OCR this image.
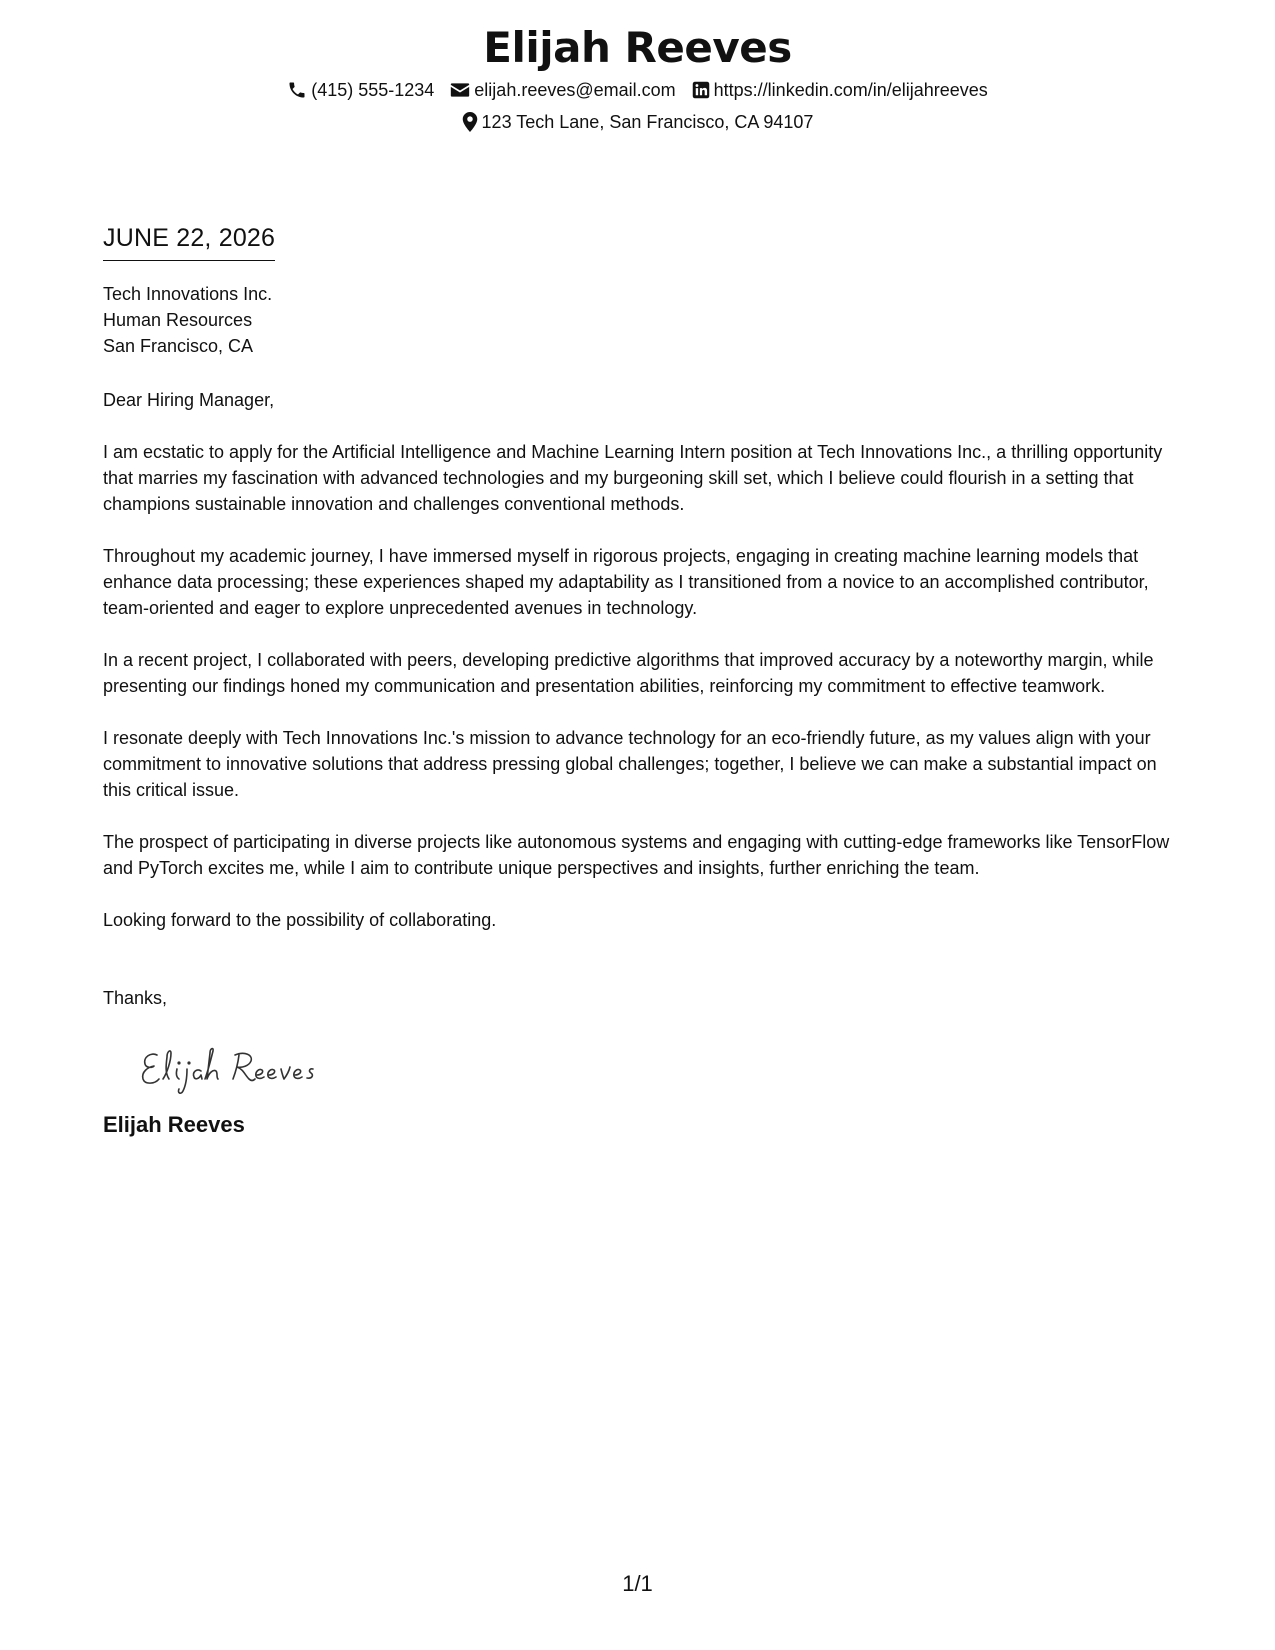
Elijah Reeves
(415) 555-1234 elijah.reeves@email.com https://linkedin.com/in/elijahreeves
123 Tech Lane, San Francisco, CA 94107
JUNE 22, 2026
Tech Innovations Inc.
Human Resources
San Francisco, CA
Dear Hiring Manager,
I am ecstatic to apply for the Artificial Intelligence and Machine Learning Intern position at Tech Innovations Inc., a thrilling opportunity that marries my fascination with advanced technologies and my burgeoning skill set, which I believe could flourish in a setting that champions sustainable innovation and challenges conventional methods.
Throughout my academic journey, I have immersed myself in rigorous projects, engaging in creating machine learning models that enhance data processing; these experiences shaped my adaptability as I transitioned from a novice to an accomplished contributor, team-oriented and eager to explore unprecedented avenues in technology.
In a recent project, I collaborated with peers, developing predictive algorithms that improved accuracy by a noteworthy margin, while presenting our findings honed my communication and presentation abilities, reinforcing my commitment to effective teamwork.
I resonate deeply with Tech Innovations Inc.'s mission to advance technology for an eco-friendly future, as my values align with your commitment to innovative solutions that address pressing global challenges; together, I believe we can make a substantial impact on this critical issue.
The prospect of participating in diverse projects like autonomous systems and engaging with cutting-edge frameworks like TensorFlow and PyTorch excites me, while I aim to contribute unique perspectives and insights, further enriching the team.
Looking forward to the possibility of collaborating.
Thanks,
Elijah Reeves
1/1
